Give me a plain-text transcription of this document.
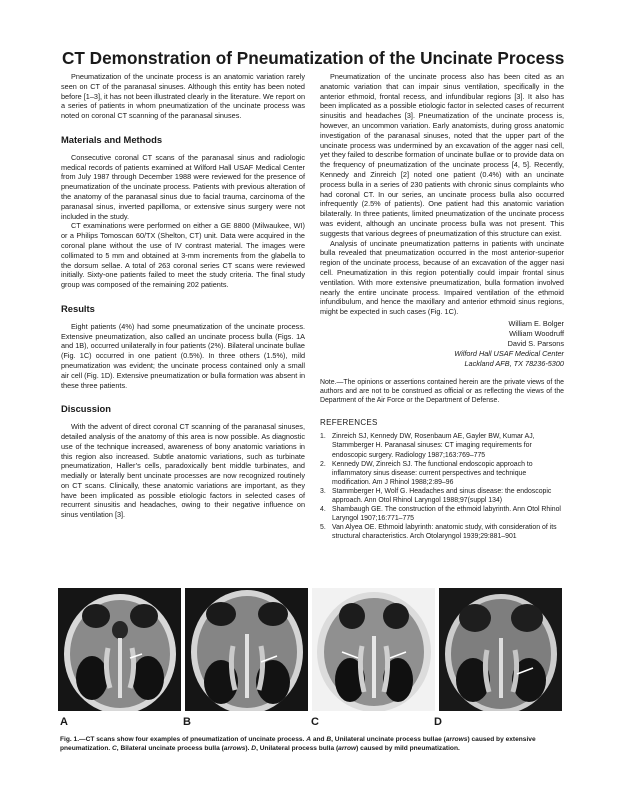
CT Demonstration of Pneumatization of the Uncinate Process

Pneumatization of the uncinate process is an anatomic variation rarely seen on CT of the paranasal sinuses. Although this entity has been noted before [1–3], it has not been illustrated clearly in the literature. We report on a series of patients in whom pneumatization of the uncinate process was noted on coronal CT scanning of the paranasal sinuses.

Materials and Methods

Consecutive coronal CT scans of the paranasal sinus and radiologic medical records of patients examined at Wilford Hall USAF Medical Center from July 1987 through December 1988 were reviewed for the presence of pneumatization of the uncinate process. Patients with previous alteration of the anatomy of the paranasal sinus due to facial trauma, carcinoma of the paranasal sinus, inverted papilloma, or extensive sinus surgery were not included in the study.

CT examinations were performed on either a GE 8800 (Milwaukee, WI) or a Philips Tomoscan 60/TX (Shelton, CT) unit. Data were acquired in the coronal plane without the use of IV contrast material. The images were collimated to 5 mm and obtained at 3-mm increments from the glabella to the dorsum sellae. A total of 263 coronal series CT scans were reviewed initially. Sixty-one patients failed to meet the study criteria. The final study group was composed of the remaining 202 patients.

Results

Eight patients (4%) had some pneumatization of the uncinate process. Extensive pneumatization, also called an uncinate process bulla (Figs. 1A and 1B), occurred unilaterally in four patients (2%). Bilateral uncinate bullae (Fig. 1C) occurred in one patient (0.5%). In three others (1.5%), mild pneumatization was evident; the uncinate process contained only a small air cell (Fig. 1D). Extensive pneumatization or bulla formation was absent in these three patients.

Discussion

With the advent of direct coronal CT scanning of the paranasal sinuses, detailed analysis of the anatomy of this area is now possible. As diagnostic use of the technique increased, awareness of bony anatomic variations in this region also increased. Subtle anatomic variations, such as turbinate pneumatization, Haller’s cells, paradoxically bent middle turbinates, and medially or laterally bent uncinate processes are now recognized routinely on CT scans. Clinically, these anatomic variations are important, as they have been implicated as possible etiologic factors in selected cases of recurrent sinusitis and headaches, owing to their negative influence on sinus ventilation [3].

Pneumatization of the uncinate process also has been cited as an anatomic variation that can impair sinus ventilation, specifically in the anterior ethmoid, frontal recess, and infundibular regions [3]. It also has been implicated as a possible etiologic factor in selected cases of recurrent sinusitis and headaches [3]. Pneumatization of the uncinate process is, however, an uncommon variation. Early anatomists, during gross anatomic investigation of the paranasal sinuses, noted that the upper part of the uncinate process was undermined by an excavation of the agger nasi cell, yet they failed to describe formation of uncinate bullae or to provide data on the frequency of pneumatization of the uncinate process [4, 5]. Recently, Kennedy and Zinreich [2] noted one patient (0.4%) with an uncinate process bulla in a series of 230 patients with chronic sinus complaints who had coronal CT. In our series, an uncinate process bulla also occurred infrequently (2.5% of patients). One patient had this anatomic variation bilaterally. In three patients, limited pneumatization of the uncinate process was evident, although an uncinate process bulla was not present. This suggests that various degrees of pneumatization of this structure can exist.

Analysis of uncinate pneumatization patterns in patients with uncinate bulla revealed that pneumatization occurred in the most anterior-superior region of the uncinate process, because of an excavation of the agger nasi cell. Pneumatization in this region potentially could impair frontal sinus ventilation. With more extensive pneumatization, bulla formation involved nearly the entire uncinate process. Impaired ventilation of the ethmoid infundibulum, and hence the maxillary and anterior ethmoid sinus regions, might be expected in such cases (Fig. 1C).

William E. Bolger
William Woodruff
David S. Parsons
Wilford Hall USAF Medical Center
Lackland AFB, TX 78236-5300

Note.—The opinions or assertions contained herein are the private views of the authors and are not to be construed as official or as reflecting the views of the Department of the Air Force or the Department of Defense.

REFERENCES
1. Zinreich SJ, Kennedy DW, Rosenbaum AE, Gayler BW, Kumar AJ, Stammberger H. Paranasal sinuses: CT imaging requirements for endoscopic surgery. Radiology 1987;163:769–775
2. Kennedy DW, Zinreich SJ. The functional endoscopic approach to inflammatory sinus disease: current perspectives and technique modification. Am J Rhinol 1988;2:89–96
3. Stammberger H, Wolf G. Headaches and sinus disease: the endoscopic approach. Ann Otol Rhinol Laryngol 1988;97(suppl 134)
4. Shambaugh GE. The construction of the ethmoid labyrinth. Ann Otol Rhinol Laryngol 1907;16:771–775
5. Van Alyea OE. Ethmoid labyrinth: anatomic study, with consideration of its structural characteristics. Arch Otolaryngol 1939;29:881–901
A	B	C	D
Fig. 1.—CT scans show four examples of pneumatization of uncinate process. A and B, Unilateral uncinate process bullae (arrows) caused by extensive pneumatization. C, Bilateral uncinate process bulla (arrows). D, Unilateral process bulla (arrow) caused by mild pneumatization.
